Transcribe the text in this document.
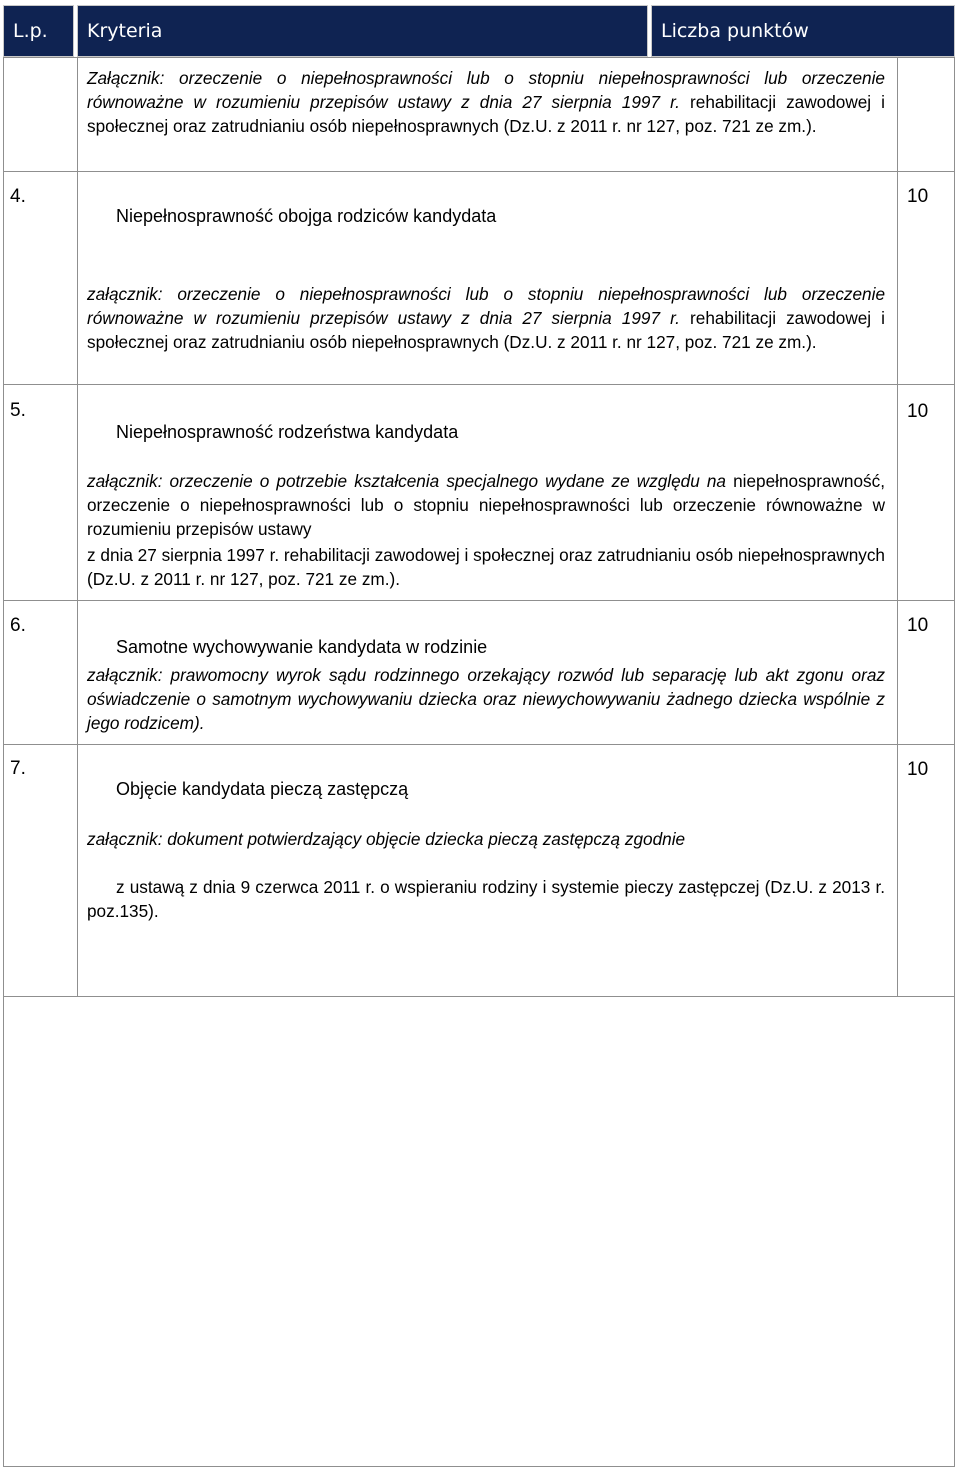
L.p.	Kryteria	Liczba punktów
Załącznik: orzeczenie o niepełnosprawności lub o stopniu niepełnosprawności lub orzeczenie równoważne w rozumieniu przepisów ustawy z dnia 27 sierpnia 1997 r. rehabilitacji zawodowej i społecznej oraz zatrudnianiu osób niepełnosprawnych (Dz.U. z 2011 r. nr 127, poz. 721 ze zm.).
4.
Niepełnosprawność obojga rodziców kandydata
10
załącznik: orzeczenie o niepełnosprawności lub o stopniu niepełnosprawności lub orzeczenie równoważne w rozumieniu przepisów ustawy z dnia 27 sierpnia 1997 r. rehabilitacji zawodowej i społecznej oraz zatrudnianiu osób niepełnosprawnych (Dz.U. z 2011 r. nr 127, poz. 721 ze zm.).
5.
Niepełnosprawność rodzeństwa kandydata
10
załącznik: orzeczenie o potrzebie kształcenia specjalnego wydane ze względu na niepełnosprawność, orzeczenie o niepełnosprawności lub o stopniu niepełnosprawności lub orzeczenie równoważne w rozumieniu przepisów ustawy
z dnia 27 sierpnia 1997 r. rehabilitacji zawodowej i społecznej oraz zatrudnianiu osób niepełnosprawnych (Dz.U. z 2011 r. nr 127, poz. 721 ze zm.).
6.
Samotne wychowywanie kandydata w rodzinie
10
załącznik: prawomocny wyrok sądu rodzinnego orzekający rozwód lub separację lub akt zgonu oraz oświadczenie o samotnym wychowywaniu dziecka oraz niewychowywaniu żadnego dziecka wspólnie z jego rodzicem).
7.
Objęcie kandydata pieczą zastępczą
10
załącznik: dokument potwierdzający objęcie dziecka pieczą zastępczą zgodnie
z ustawą z dnia 9 czerwca 2011 r. o wspieraniu rodziny i systemie pieczy zastępczej (Dz.U. z 2013 r. poz.135).
